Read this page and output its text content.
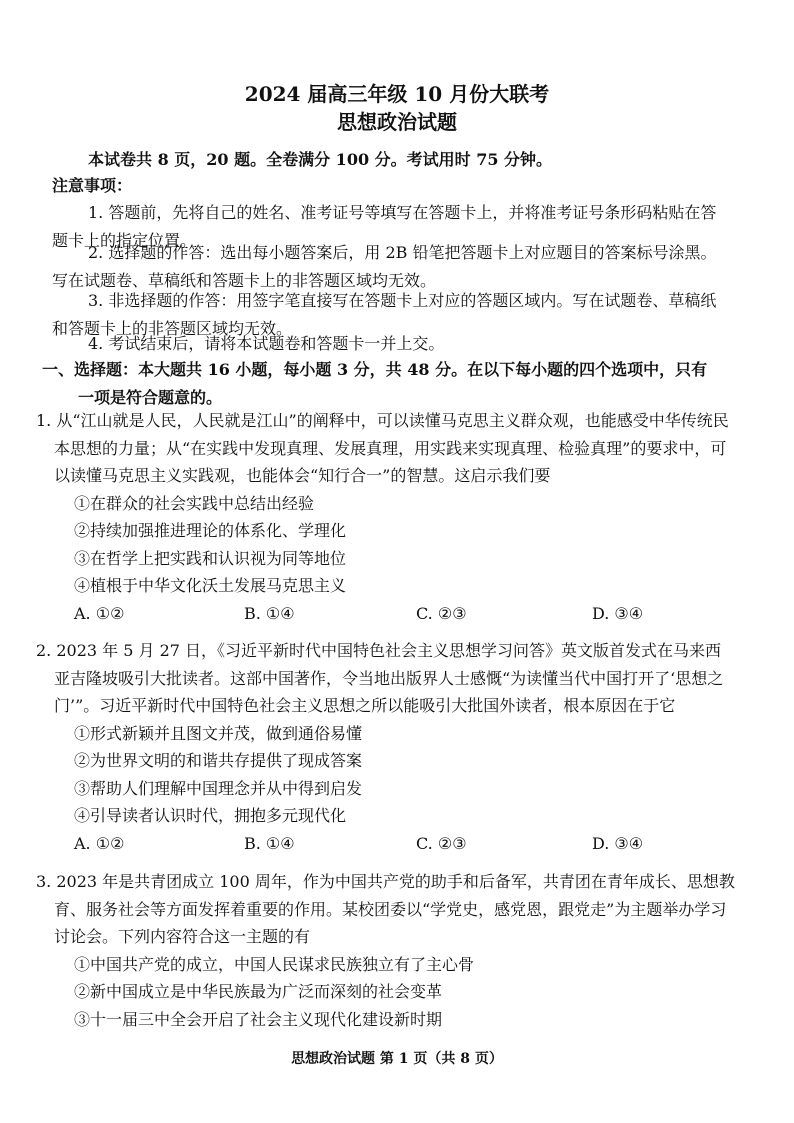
2024 届高三年级 10 月份大联考
思想政治试题
本试卷共 8 页，20 题。全卷满分 100 分。考试用时 75 分钟。
注意事项：
1. 答题前，先将自己的姓名、准考证号等填写在答题卡上，并将准考证号条形码粘贴在答题卡上的指定位置。
2. 选择题的作答：选出每小题答案后，用 2B 铅笔把答题卡上对应题目的答案标号涂黑。写在试题卷、草稿纸和答题卡上的非答题区域均无效。
3. 非选择题的作答：用签字笔直接写在答题卡上对应的答题区域内。写在试题卷、草稿纸和答题卡上的非答题区域均无效。
4. 考试结束后，请将本试题卷和答题卡一并上交。
一、选择题：本大题共 16 小题，每小题 3 分，共 48 分。在以下每小题的四个选项中，只有
一项是符合题意的。
1. 从“江山就是人民，人民就是江山”的阐释中，可以读懂马克思主义群众观，也能感受中华传统民本思想的力量；从“在实践中发现真理、发展真理，用实践来实现真理、检验真理”的要求中，可以读懂马克思主义实践观，也能体会“知行合一”的智慧。这启示我们要
①在群众的社会实践中总结出经验
②持续加强推进理论的体系化、学理化
③在哲学上把实践和认识视为同等地位
④植根于中华文化沃土发展马克思主义
A. ①②	B. ①④	C. ②③	D. ③④
2. 2023 年 5 月 27 日，《习近平新时代中国特色社会主义思想学习问答》英文版首发式在马来西亚吉隆坡吸引大批读者。这部中国著作，令当地出版界人士感慨“为读懂当代中国打开了‘思想之门’”。习近平新时代中国特色社会主义思想之所以能吸引大批国外读者，根本原因在于它
①形式新颖并且图文并茂，做到通俗易懂
②为世界文明的和谐共存提供了现成答案
③帮助人们理解中国理念并从中得到启发
④引导读者认识时代，拥抱多元现代化
A. ①②	B. ①④	C. ②③	D. ③④
3. 2023 年是共青团成立 100 周年，作为中国共产党的助手和后备军，共青团在青年成长、思想教育、服务社会等方面发挥着重要的作用。某校团委以“学党史，感党恩，跟党走”为主题举办学习讨论会。下列内容符合这一主题的有
①中国共产党的成立，中国人民谋求民族独立有了主心骨
②新中国成立是中华民族最为广泛而深刻的社会变革
③十一届三中全会开启了社会主义现代化建设新时期
思想政治试题 第 1 页（共 8 页）
